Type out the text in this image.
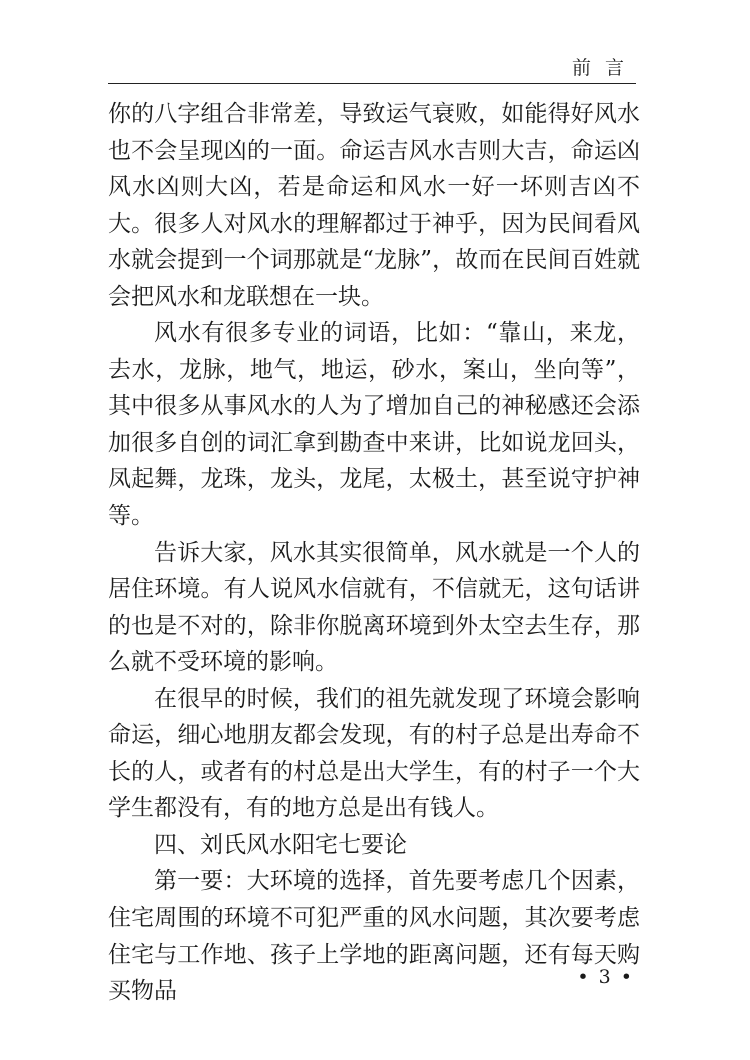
前言

你的八字组合非常差，导致运气衰败，如能得好风水也不会呈现凶的一面。命运吉风水吉则大吉，命运凶风水凶则大凶，若是命运和风水一好一坏则吉凶不大。很多人对风水的理解都过于神乎，因为民间看风水就会提到一个词那就是“龙脉”，故而在民间百姓就会把风水和龙联想在一块。

风水有很多专业的词语，比如：“靠山，来龙，去水，龙脉，地气，地运，砂水，案山，坐向等”，其中很多从事风水的人为了增加自己的神秘感还会添加很多自创的词汇拿到勘查中来讲，比如说龙回头，凤起舞，龙珠，龙头，龙尾，太极土，甚至说守护神等。

告诉大家，风水其实很简单，风水就是一个人的居住环境。有人说风水信就有，不信就无，这句话讲的也是不对的，除非你脱离环境到外太空去生存，那么就不受环境的影响。

在很早的时候，我们的祖先就发现了环境会影响命运，细心地朋友都会发现，有的村子总是出寿命不长的人，或者有的村总是出大学生，有的村子一个大学生都没有，有的地方总是出有钱人。

四、刘氏风水阳宅七要论

第一要：大环境的选择，首先要考虑几个因素，住宅周围的环境不可犯严重的风水问题，其次要考虑住宅与工作地、孩子上学地的距离问题，还有每天购买物品

• 3 •
